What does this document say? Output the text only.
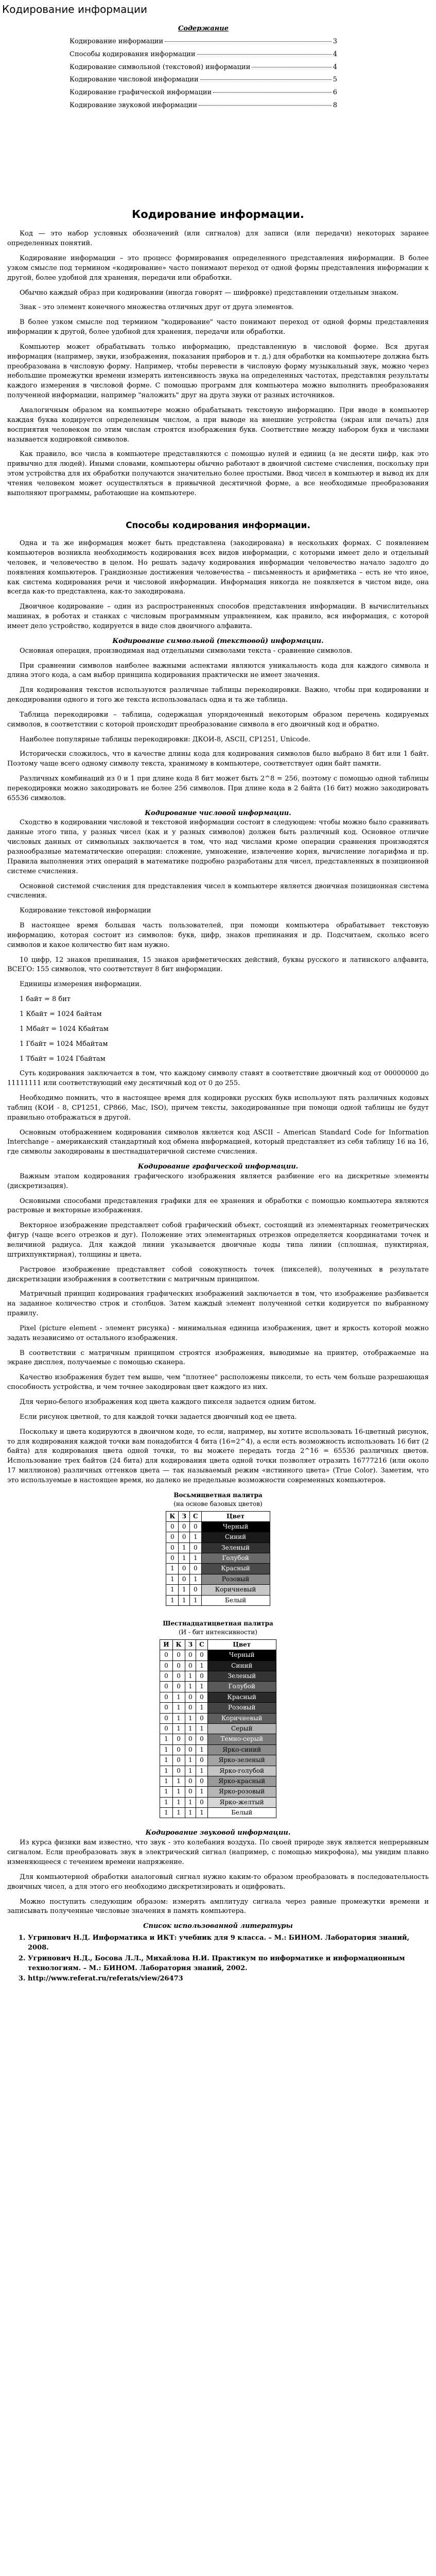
Кодирование информации
Содержание
Кодирование информации	3
Способы кодирования информации	4
Кодирование символьной (текстовой) информации	4
Кодирование числовой информации	5
Кодирование графической информации	6
Кодирование звуковой информации	8
Кодирование информации.

Код — это набор условных обозначений (или сигналов) для записи (или передачи) некоторых заранее определенных понятий.

Кодирование информации – это процесс формирования определенного представления информации. В более узком смысле под термином «кодирование» часто понимают переход от одной формы представления информации к другой, более удобной для хранения, передачи или обработки.

Обычно каждый образ при кодировании (иногда говорят — шифровке) представлении отдельным знаком.

Знак - это элемент конечного множества отличных друг от друга элементов.

В более узком смысле под термином "кодирование" часто понимают переход от одной формы представления информации к другой, более удобной для хранения, передачи или обработки.

Компьютер может обрабатывать только информацию, представленную в числовой форме. Вся другая информация (например, звуки, изображения, показания приборов и т. д.) для обработки на компьютере должна быть преобразована в числовую форму. Например, чтобы перевести в числовую форму музыкальный звук, можно через небольшие промежутки времени измерять интенсивность звука на определенных частотах, представляя результаты каждого измерения в числовой форме. С помощью программ для компьютера можно выполнить преобразования полученной информации, например "наложить" друг на друга звуки от разных источников.

Аналогичным образом на компьютере можно обрабатывать текстовую информацию. При вводе в компьютер каждая буква кодируется определенным числом, а при выводе на внешние устройства (экран или печать) для восприятия человеком по этим числам строятся изображения букв. Соответствие между набором букв и числами называется кодировкой символов.

Как правило, все числа в компьютере представляются с помощью нулей и единиц (а не десяти цифр, как это привычно для людей). Иными словами, компьютеры обычно работают в двоичной системе счисления, поскольку при этом устройства для их обработки получаются значительно более простыми. Ввод чисел в компьютер и вывод их для чтения человеком может осуществляться в привычной десятичной форме, а все необходимые преобразования выполняют программы, работающие на компьютере.

Способы кодирования информации.

Одна и та же информация может быть представлена (закодирована) в нескольких формах. С появлением компьютеров возникла необходимость кодирования всех видов информации, с которыми имеет дело и отдельный человек, и человечество в целом. Но решать задачу кодирования информации человечество начало задолго до появления компьютеров. Грандиозные достижения человечества – письменность и арифметика – есть не что иное, как система кодирования речи и числовой информации. Информация никогда не появляется в чистом виде, она всегда как-то представлена, как-то закодирована.

Двоичное кодирование – один из распространенных способов представления информации. В вычислительных машинах, в роботах и станках с числовым программным управлением, как правило, вся информация, с которой имеет дело устройство, кодируется в виде слов двоичного алфавита.

Кодирование символьной (текстовой) информации.

Основная операция, производимая над отдельными символами текста - сравнение символов.

При сравнении символов наиболее важными аспектами являются уникальность кода для каждого символа и длина этого кода, а сам выбор принципа кодирования практически не имеет значения.

Для кодирования текстов используются различные таблицы перекодировки. Важно, чтобы при кодировании и декодировании одного и того же текста использовалась одна и та же таблица.

Таблица перекодировки – таблица, содержащая упорядоченный некоторым образом перечень кодируемых символов, в соответствии с которой происходит преобразование символа в его двоичный код и обратно.

Наиболее популярные таблицы перекодировки: ДКОИ-8, ASCII, CP1251, Unicode.

Исторически сложилось, что в качестве длины кода для кодирования символов было выбрано 8 бит или 1 байт. Поэтому чаще всего одному символу текста, хранимому в компьютере, соответствует один байт памяти.

Различных комбинаций из 0 и 1 при длине кода 8 бит может быть 2^8 = 256, поэтому с помощью одной таблицы перекодировки можно закодировать не более 256 символов. При длине кода в 2 байта (16 бит) можно закодировать 65536 символов.

Кодирование числовой информации.

Сходство в кодировании числовой и текстовой информации состоит в следующем: чтобы можно было сравнивать данные этого типа, у разных чисел (как и у разных символов) должен быть различный код. Основное отличие числовых данных от символьных заключается в том, что над числами кроме операции сравнения производятся разнообразные математические операции: сложение, умножение, извлечение корня, вычисление логарифма и пр. Правила выполнения этих операций в математике подробно разработаны для чисел, представленных в позиционной системе счисления.

Основной системой счисления для представления чисел в компьютере является двоичная позиционная система счисления.

Кодирование текстовой информации

В настоящее время большая часть пользователей, при помощи компьютера обрабатывает текстовую информацию, которая состоит из символов: букв, цифр, знаков препинания и др. Подсчитаем, сколько всего символов и какое количество бит нам нужно.

10 цифр, 12 знаков препинания, 15 знаков арифметических действий, буквы русского и латинского алфавита, ВСЕГО: 155 символов, что соответствует 8 бит информации.

Единицы измерения информации.

1 байт = 8 бит

1 Кбайт = 1024 байтам

1 Мбайт = 1024 Кбайтам

1 Гбайт = 1024 Мбайтам

1 Тбайт = 1024 Гбайтам

Суть кодирования заключается в том, что каждому символу ставят в соответствие двоичный код от 00000000 до 11111111 или соответствующий ему десятичный код от 0 до 255.

Необходимо помнить, что в настоящее время для кодировки русских букв используют пять различных кодовых таблиц (КОИ - 8, СР1251, СР866, Мас, ISO), причем тексты, закодированные при помощи одной таблицы не будут правильно отображаться в другой.

Основным отображением кодирования символов является код ASCII – American Standard Code for Information Interchange – американский стандартный код обмена информацией, который представляет из себя таблицу 16 на 16, где символы закодированы в шестнадцатеричной системе счисления.

Кодирование графической информации.

Важным этапом кодирования графического изображения является разбиение его на дискретные элементы (дискретизация).

Основными способами представления графики для ее хранения и обработки с помощью компьютера являются растровые и векторные изображения.

Векторное изображение представляет собой графический объект, состоящий из элементарных геометрических фигур (чаще всего отрезков и дуг). Положение этих элементарных отрезков определяется координатами точек и величиной радиуса. Для каждой линии указывается двоичные коды типа линии (сплошная, пунктирная, штрихпунктирная), толщины и цвета.

Растровое изображение представляет собой совокупность точек (пикселей), полученных в результате дискретизации изображения в соответствии с матричным принципом.

Матричный принцип кодирования графических изображений заключается в том, что изображение разбивается на заданное количество строк и столбцов. Затем каждый элемент полученной сетки кодируется по выбранному правилу.

Pixel (picture element - элемент рисунка) - минимальная единица изображения, цвет и яркость которой можно задать независимо от остального изображения.

В соответствии с матричным принципом строятся изображения, выводимые на принтер, отображаемые на экране дисплея, получаемые с помощью сканера.

Качество изображения будет тем выше, чем "плотнее" расположены пиксели, то есть чем больше разрешающая способность устройства, и чем точнее закодирован цвет каждого из них.

Для черно-белого изображения код цвета каждого пикселя задается одним битом.

Если рисунок цветной, то для каждой точки задается двоичный код ее цвета.

Поскольку и цвета кодируются в двоичном коде, то если, например, вы хотите использовать 16-цветный рисунок, то для кодирования каждой точки вам понадобится 4 бита (16=2^4), а если есть возможность использовать 16 бит (2 байта) для кодирования цвета одной точки, то вы можете передать тогда 2^16 = 65536 различных цветов. Использование трех байтов (24 бита) для кодирования цвета одной точки позволяет отразить 16777216 (или около 17 миллионов) различных оттенков цвета — так называемый режим «истинного цвета» (True Color). Заметим, что это используемые в настоящее время, но далеко не предельные возможности современных компьютеров.

Восьмицветная палитра
(на основе базовых цветов)
К	З	С	Цвет
0	0	0	Черный
0	0	1	Синий
0	1	0	Зеленый
0	1	1	Голубой
1	0	0	Красный
1	0	1	Розовый
1	1	0	Коричневый
1	1	1	Белый
Шестнадцатицветная палитра
(И - бит интенсивности)
И	К	З	С	Цвет
0	0	0	0	Черный
0	0	0	1	Синий
0	0	1	0	Зеленый
0	0	1	1	Голубой
0	1	0	0	Красный
0	1	0	1	Розовый
0	1	1	0	Коричневый
0	1	1	1	Серый
1	0	0	0	Темно-серый
1	0	0	1	Ярко-синий
1	0	1	0	Ярко-зеленый
1	0	1	1	Ярко-голубой
1	1	0	0	Ярко-красный
1	1	0	1	Ярко-розовый
1	1	1	0	Ярко-желтый
1	1	1	1	Белый
Кодирование звуковой информации.

Из курса физики вам известно, что звук - это колебания воздуха. По своей природе звук является непрерывным сигналом. Если преобразовать звук в электрический сигнал (например, с помощью микрофона), мы увидим плавно изменяющееся с течением времени напряжение.

Для компьютерной обработки аналоговый сигнал нужно каким-то образом преобразовать в последовательность двоичных чисел, а для этого его необходимо дискретизировать и оцифровать.

Можно поступить следующим образом: измерять амплитуду сигнала через равные промежутки времени и записывать полученные числовые значения в память компьютера.

Список использованной литературы
1. Угринович Н.Д. Информатика и ИКТ: учебник для 9 класса. – М.: БИНОМ. Лаборатория знаний, 2008.
2. Угринович Н.Д., Босова Л.Л., Михайлова Н.И. Практикум по информатике и информационным технологиям. – М.: БИНОМ. Лаборатория знаний, 2002.
3. http://www.referat.ru/referats/view/26473
